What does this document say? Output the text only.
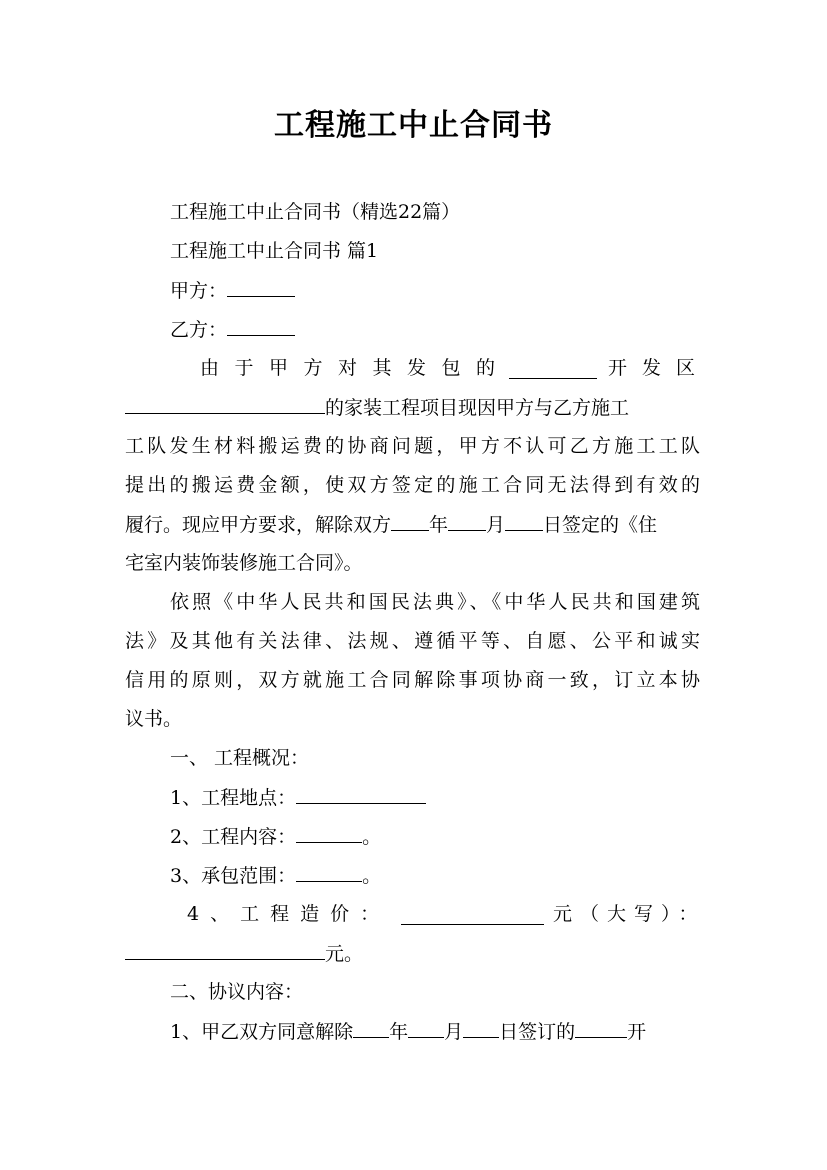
工程施工中止合同书
工程施工中止合同书（精选22篇）
工程施工中止合同书 篇1
甲方：
乙方：
由于甲方对其发包的	开发区
的家装工程项目现因甲方与乙方施工
工队发生材料搬运费的协商问题，甲方不认可乙方施工工队
提出的搬运费金额，使双方签定的施工合同无法得到有效的
履行。现应甲方要求，解除双方 年 月 日签定的《住
宅室内装饰装修施工合同》。
依照《中华人民共和国民法典》、《中华人民共和国建筑
法》及其他有关法律、法规、遵循平等、自愿、公平和诚实
信用的原则，双方就施工合同解除事项协商一致，订立本协
议书。
一、 工程概况：
1、工程地点：
2、工程内容：	。
3、承包范围：	。
4、工程造价：	元（大写）：
元。
二、协议内容：
1、甲乙双方同意解除 年 月 日签订的	开
